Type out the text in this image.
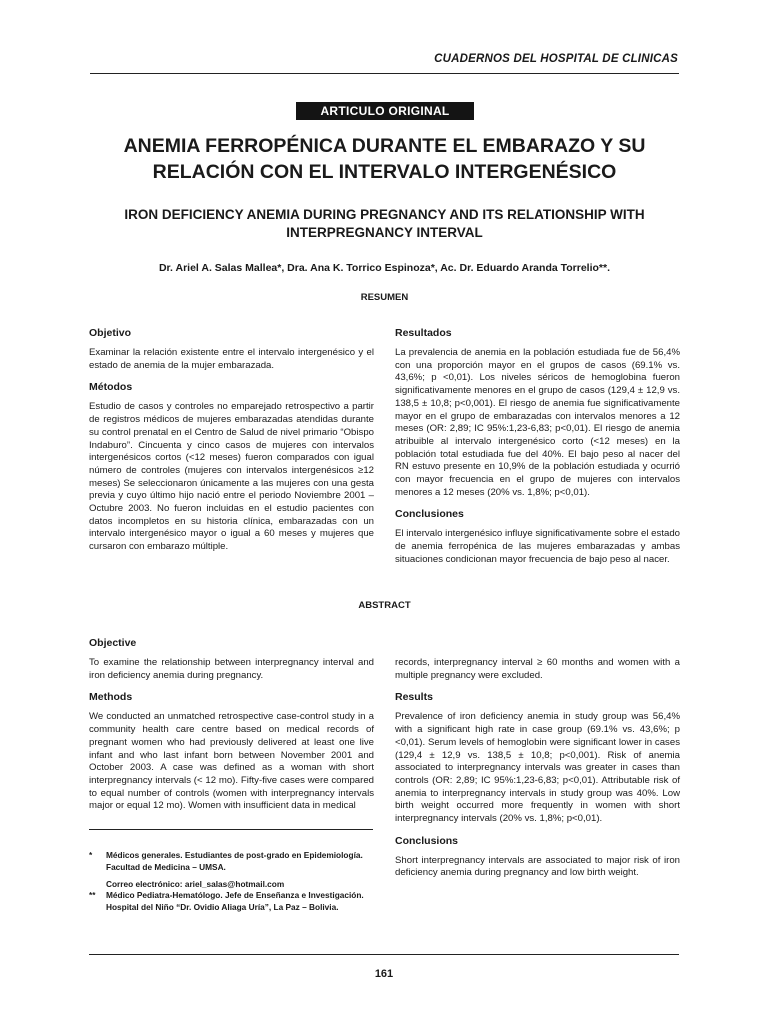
CUADERNOS DEL HOSPITAL DE CLINICAS
ARTICULO ORIGINAL
ANEMIA FERROPÉNICA DURANTE EL EMBARAZO Y SU RELACIÓN CON EL INTERVALO INTERGENÉSICO
IRON DEFICIENCY ANEMIA DURING PREGNANCY AND ITS RELATIONSHIP WITH INTERPREGNANCY INTERVAL
Dr. Ariel A. Salas Mallea*, Dra. Ana K. Torrico Espinoza*, Ac. Dr. Eduardo Aranda Torrelio**.
RESUMEN
Objetivo

Examinar la relación existente entre el intervalo intergenésico y el estado de anemia de la mujer embarazada.

Métodos

Estudio de casos y controles no emparejado retrospectivo a partir de registros médicos de mujeres embarazadas atendidas durante su control prenatal en el Centro de Salud de nivel primario “Obispo Indaburo”. Cincuenta y cinco casos de mujeres con intervalos intergenésicos cortos (<12 meses) fueron comparados con igual número de controles (mujeres con intervalos intergenésicos ≥12 meses) Se seleccionaron únicamente a las mujeres con una gesta previa y cuyo último hijo nació entre el periodo Noviembre 2001 – Octubre 2003. No fueron incluidas en el estudio pacientes con datos incompletos en su historia clínica, embarazadas con un intervalo intergenésico mayor o igual a 60 meses y mujeres que cursaron con embarazo múltiple.

Resultados

La prevalencia de anemia en la población estudiada fue de 56,4% con una proporción mayor en el grupos de casos (69.1% vs. 43,6%; p <0,01). Los niveles séricos de hemoglobina fueron significativamente menores en el grupo de casos (129,4 ± 12,9 vs. 138,5 ± 10,8; p<0,001). El riesgo de anemia fue significativamente mayor en el grupo de embarazadas con intervalos menores a 12 meses (OR: 2,89; IC 95%:1,23-6,83; p<0,01). El riesgo de anemia atribuible al intervalo intergenésico corto (<12 meses) en la población total estudiada fue del 40%. El bajo peso al nacer del RN estuvo presente en 10,9% de la población estudiada y ocurrió con mayor frecuencia en el grupo de mujeres con intervalos menores a 12 meses (20% vs. 1,8%; p<0,01).

Conclusiones

El intervalo intergenésico influye significativamente sobre el estado de anemia ferropénica de las mujeres embarazadas y ambas situaciones condicionan mayor frecuencia de bajo peso al nacer.

ABSTRACT
Objective

To examine the relationship between interpregnancy interval and iron deficiency anemia during pregnancy.

Methods

We conducted an unmatched retrospective case-control study in a community health care centre based on medical records of pregnant women who had previously delivered at least one live infant and who last infant born between November 2001 and October 2003. A case was defined as a woman with short interpregnancy intervals (< 12 mo). Fifty-five cases were compared to equal number of controls (women with interpregnancy intervals major or equal 12 mo). Women with insufficient data in medical

records, interpregnancy interval ≥ 60 months and women with a multiple pregnancy were excluded.

Results

Prevalence of iron deficiency anemia in study group was 56,4% with a significant high rate in case group (69.1% vs. 43,6%; p <0,01). Serum levels of hemoglobin were significant lower in cases (129,4 ± 12,9 vs. 138,5 ± 10,8; p<0,001). Risk of anemia associated to interpregnancy intervals was greater in cases than controls (OR: 2,89; IC 95%:1,23-6,83; p<0,01). Attributable risk of anemia to interpregnancy intervals in study group was 40%. Low birth weight occurred more frequently in women with short interpregnancy intervals (20% vs. 1,8%; p<0,01).

Conclusions

Short interpregnancy intervals are associated to major risk of iron deficiency anemia during pregnancy and low birth weight.

* Médicos generales. Estudiantes de post-grado en Epidemiología. Facultad de Medicina – UMSA.
Correo electrónico: ariel_salas@hotmail.com
** Médico Pediatra-Hematólogo. Jefe de Enseñanza e Investigación. Hospital del Niño “Dr. Ovidio Aliaga Uría”, La Paz – Bolivia.
161
